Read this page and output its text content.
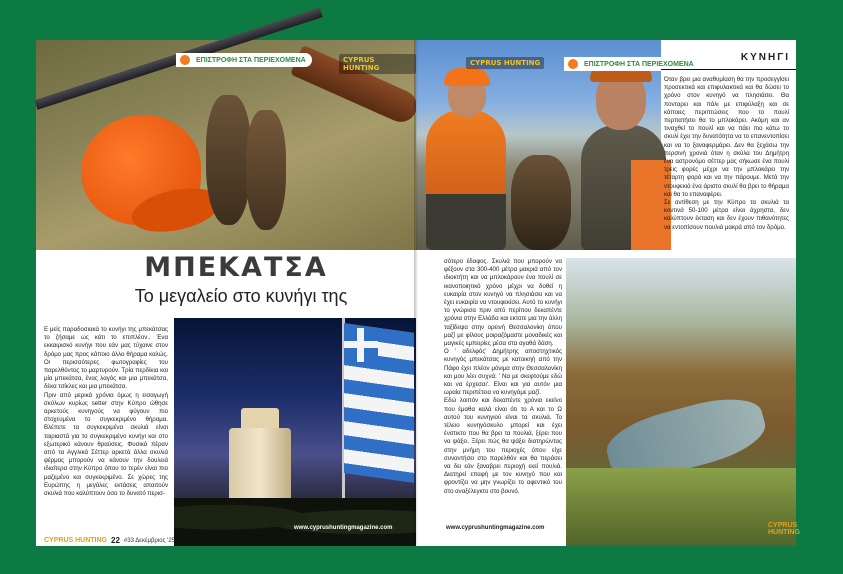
ΕΠΙΣΤΡΟΦΗ ΣΤΑ ΠΕΡΙΕΧΟΜΕΝΑ	CYPRUS HUNTING
ΜΠΕΚΑΤΣΑ
Το μεγαλείο στο κυνήγι της

Ε μείς παραδοσιακά το κυνήγι της μπεκάτσας το ζήσαμε ως κάτι το επιπλέον.. Ένα εκκαιρισκό κυνήγι που εάν μας τύχαινε στον δρόμο μας προς κάποιο άλλο θήραμα καλώς. Οι περισσότερες φωτογραφίες του παρελθόντος το μαρτυρούν. Τρία περδίκια και μία μπεκάτσα, ένας λαγός και μια μπεκάτσα, δέκα τσίκλες και μια μπεκάτσα.

Πριν από μερικά χρόνια όμως η εισαγωγή σκύλων κυρίως setter στην Κύπρο ώθησε αρκετούς κυνηγούς να φύγουν πιο στοχευμένα το συγκεκριμένο θήραμα. Βλέπετε τα συγκεκριμένα σκυλιά είναι ταιριαστά για το συγκεκριμένο κυνήγι και στο εξωτερικό κάνουν θραύσεις. Φυσικά πέραν από τα Αγγλικά Σέττερ αρκετά άλλα σκυλιά φέρμας μπορούν να κάνουν την δουλειά ιδιαίτερα στην Κύπρο όπου το τερέν είναι πιο μαζεμένο και συγκεκριμένο. Σε χώρες της Ευρώπης η μεγάλες εκτάσεις απαιτούν σκυλιά που καλύπτουν όσο το δυνατό περισ-

www.cyprushuntingmagazine.com
CYPRUS HUNTING 22 #33 Δεκέμβριος '25
ΕΠΙΣΤΡΟΦΗ ΣΤΑ ΠΕΡΙΕΧΟΜΕΝΑ
CYPRUS HUNTING	ΚΥΝΗΓΙ

Όταν βρει μια αναθυμίαση θα την προσεγγίσει προσεκτικά και επιφυλακτικά και θα δώσει το χρόνο στον κυνηγό να πλησιάσει. Θα πονταρει και πάλι με επιφύλαξη και σε κάποιες περιπτώσεις που το πουλί περπατήσει θα το μπλοκάρει. Ακόμη και αν τιναχθεί το πουλί και να πάει πιο κάτω το σκυλί έχει την δυνατότητα να το επανεντοπίσει και να το ξαναφερμάρει. Δεν θα ξεχάσω την περσινή χρονιά όταν η σκύλα του Δημήτρη ένα αστρονόμο σέττερ μας σήκωσε ένα πουλί τρεις φορές μέχρι να την μπλοκάρει την τέταρτη φορά και να την πάρουμε. Μετά την ντουφεκιά ένα άριστο σκυλί θα βρει το θήραμα και θα το επαναφέρει.

Σε αντίθεση με την Κύπρο τα σκυλιά τα κοντινά 50-100 μέτρα είναι άχρηστα, δεν καλύπτουν έκταση και δεν έχουν πιθανότητες να εντοπίσουν πουλιά μακρά από τον δρόμο.

σότερο έδαφος. Σκυλιά που μπορούν να φέξουν στα 300-400 μέτρα μακριά από τον ιδιοκτήτη και να μπλοκάρουν ένα πουλί σε ικανοποιητικό χρόνο μέχρι να δοθεί η ευκαιρία στον κυνηγό να πλησιάσει και να έχει ευκαιρία να ντουφεκίσει. Αυτό το κυνήγι το γνώρισα πριν από περίπου δεκαπέντε χρόνια στην Ελλάδα και εκτοτε μια την άλλη ταξίδεψα στην ορεινή Θεσσαλονίκη όπου μαζί με φίλους μοιραζόμαστε μοναδικές και μαγικές εμπειρίες μέσα στα αγαθά δάση.

Ο ' αδελφός' Δημήτρης αποστηχτικός κυνηγός μπεκάτσας με κατοικηή από την Πάφο έχει πλέον μόνιμα στην Θεσσαλονίκη και μου λέει συχνά: ' Να με σκεφτούμε εδώ και να έρχεσαι'. Είναι και για αυτόν μια ωραία περιπέτεια να κυνηγάμε μαζί.

Εδώ λοιπόν και δεκαπέντε χρόνια εκείνο που έμαθα καλά είναι ότι το Α και το Ω αυτού του κυνηγιού είναι τα σκυλιά. Το τέλειο κυνηγόσκυλο μπορεί και έχει ένστικτο που θα βρει τα πουλιά, ξέρει που να ψάξει. Ξέρει πώς θα ψάξει διατηρώντας στην μνήμη του περιοχές όπου είχε συναντήσει στο παρελθόν και θα περάσει να δει εάν ξαναβρει περιοχή εκεί πουλιά. Διατηρεί επαφή με τον κυνηγό που και φροντίζει να μην γνωρίζει το αφεντικό του στο αναξέλεγκτο στο βουνό.

www.cyprushuntingmagazine.com	CYPRUS HUNTING
